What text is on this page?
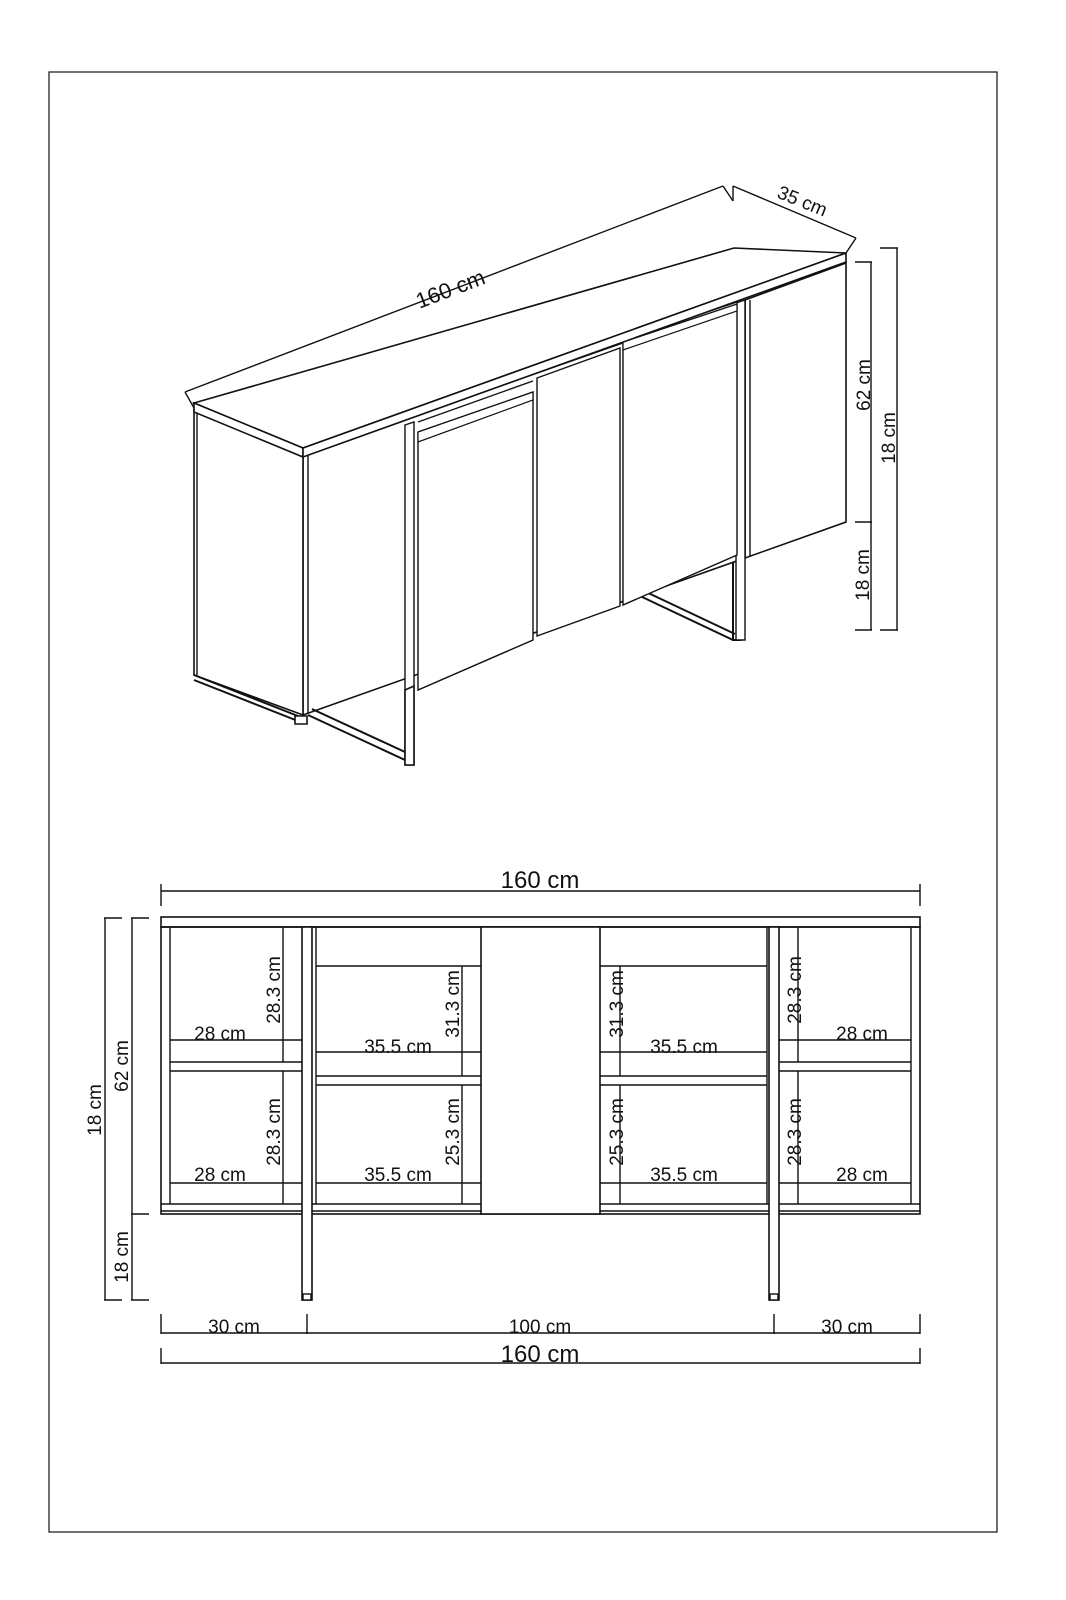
160 cm
35 cm
62 cm
18 cm
18 cm
160 cm
28.3 cm
28 cm
28.3 cm
28 cm
31.3 cm
35.5 cm
25.3 cm
35.5 cm
31.3 cm
35.5 cm
25.3 cm
35.5 cm
28.3 cm
28 cm
28.3 cm
28 cm
62 cm
18 cm
18 cm
30 cm	100 cm	30 cm
160 cm
